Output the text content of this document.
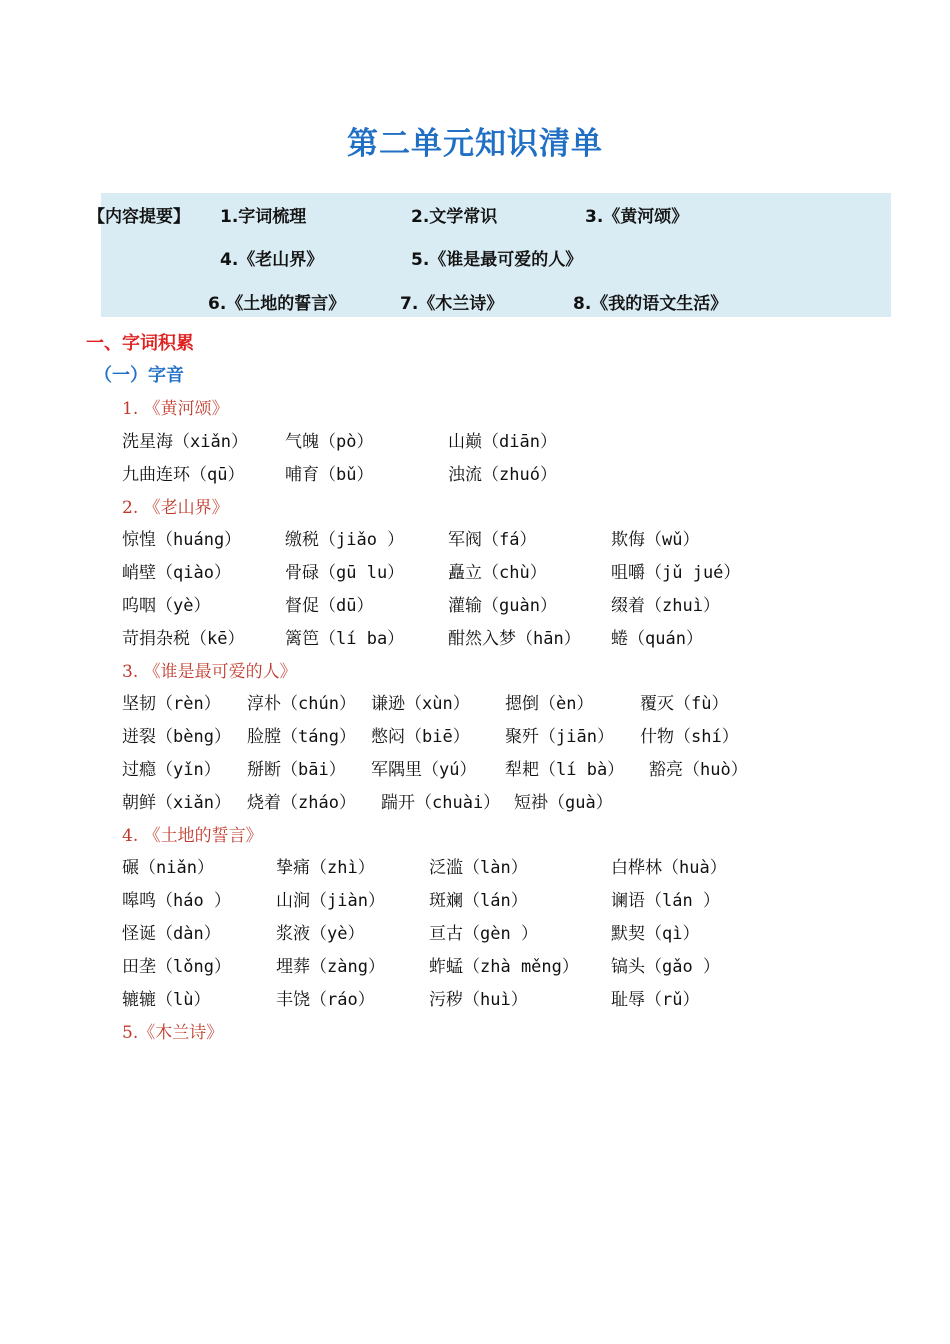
第二单元知识清单
【内容提要】 1.字词梳理	2.文学常识	3.《黄河颂》
4.《老山界》	5.《谁是最可爱的人》
6.《土地的誓言》	7.《木兰诗》	8.《我的语文生活》
一、字词积累
（一）字音
1. 《黄河颂》
洗星海（xiǎn） 气魄（pò）	山巅（diān）
九曲连环（qū） 哺育（bǔ）	浊流（zhuó）
2. 《老山界》
惊惶（huáng）	缴税（jiǎo ）	军阀（fá）	欺侮（wǔ）
峭壁（qiào）	骨碌（gū lu）	矗立（chù）	咀嚼（jǔ jué）
呜咽（yè）	督促（dū）	灌输（guàn）	缀着（zhuì）
苛捐杂税（kē） 篱笆（lí ba）	酣然入梦（hān） 蜷（quán）
3. 《谁是最可爱的人》
坚韧（rèn） 淳朴（chún） 谦逊（xùn） 摁倒（èn）	覆灭（fù）
迸裂（bèng） 脸膛（táng） 憋闷（biē） 聚歼（jiān） 什物（shí）
过瘾（yǐn） 掰断（bāi） 军隅里（yú） 犁耙（lí bà） 豁亮（huò）
朝鲜（xiǎn） 烧着（zháo） 踹开（chuài） 短褂（guà）
4. 《土地的誓言》
碾（niǎn）	挚痛（zhì）	泛滥（làn）	白桦林（huà）
嗥鸣（háo ）	山涧（jiàn）	斑斓（lán）	谰语（lán ）
怪诞（dàn）	浆液（yè）	亘古（gèn ）	默契（qì）
田垄（lǒng）	埋葬（zàng）	蚱蜢（zhà měng） 镐头（gǎo ）
辘辘（lù）	丰饶（ráo）	污秽（huì）	耻辱（rǔ）
5.《木兰诗》
